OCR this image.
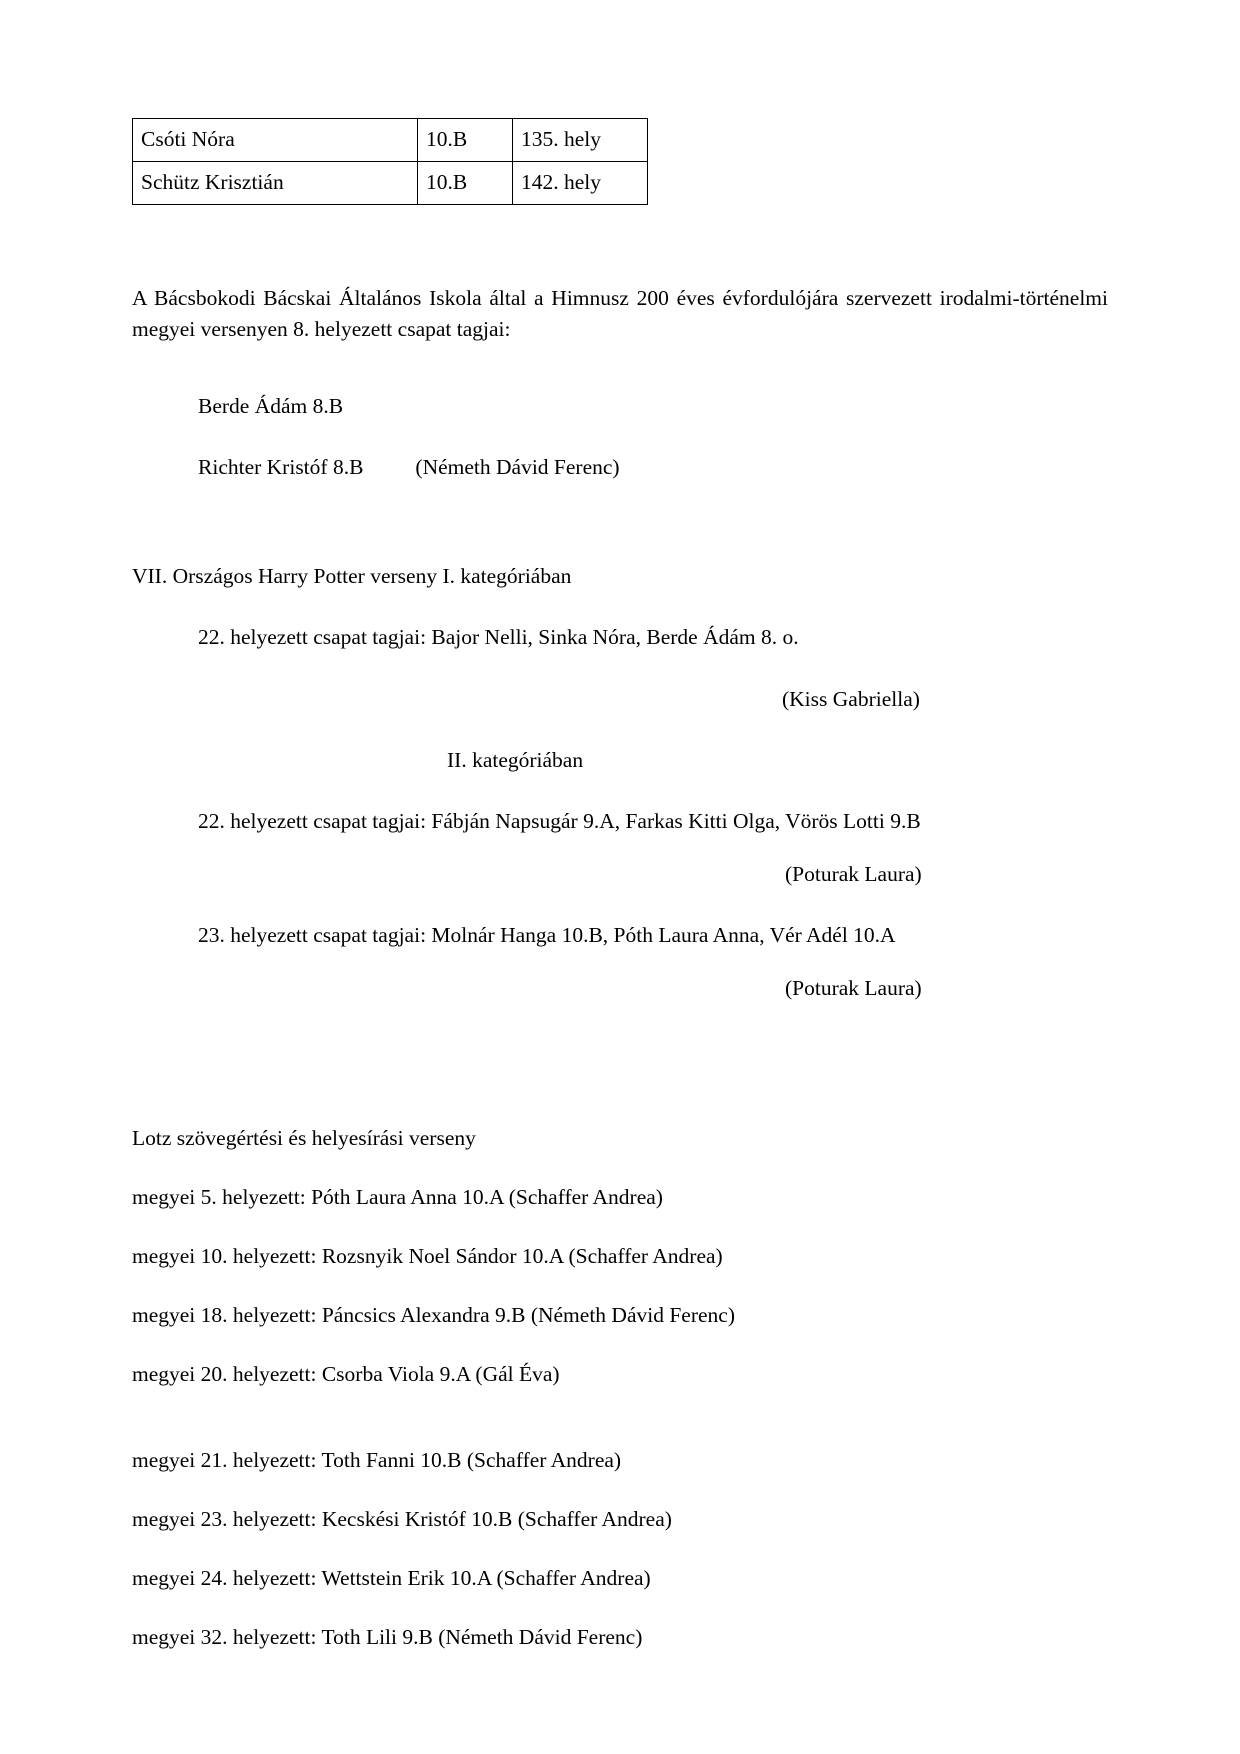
Csóti Nóra	10.B	135. hely
Schütz Krisztián	10.B	142. hely

A Bácsbokodi Bácskai Általános Iskola által a Himnusz 200 éves évfordulójára szervezett irodalmi-történelmi megyei versenyen 8. helyezett csapat tagjai:

Berde Ádám 8.B

Richter Kristóf 8.B (Németh Dávid Ferenc)

VII. Országos Harry Potter verseny I. kategóriában

22. helyezett csapat tagjai: Bajor Nelli, Sinka Nóra, Berde Ádám 8. o.

(Kiss Gabriella)

II. kategóriában

22. helyezett csapat tagjai: Fábján Napsugár 9.A, Farkas Kitti Olga, Vörös Lotti 9.B

(Poturak Laura)

23. helyezett csapat tagjai: Molnár Hanga 10.B, Póth Laura Anna, Vér Adél 10.A

(Poturak Laura)

Lotz szövegértési és helyesírási verseny

megyei 5. helyezett: Póth Laura Anna 10.A (Schaffer Andrea)

megyei 10. helyezett: Rozsnyik Noel Sándor 10.A (Schaffer Andrea)

megyei 18. helyezett: Páncsics Alexandra 9.B (Németh Dávid Ferenc)

megyei 20. helyezett: Csorba Viola 9.A (Gál Éva)

megyei 21. helyezett: Toth Fanni 10.B (Schaffer Andrea)

megyei 23. helyezett: Kecskési Kristóf 10.B (Schaffer Andrea)

megyei 24. helyezett: Wettstein Erik 10.A (Schaffer Andrea)

megyei 32. helyezett: Toth Lili 9.B (Németh Dávid Ferenc)
